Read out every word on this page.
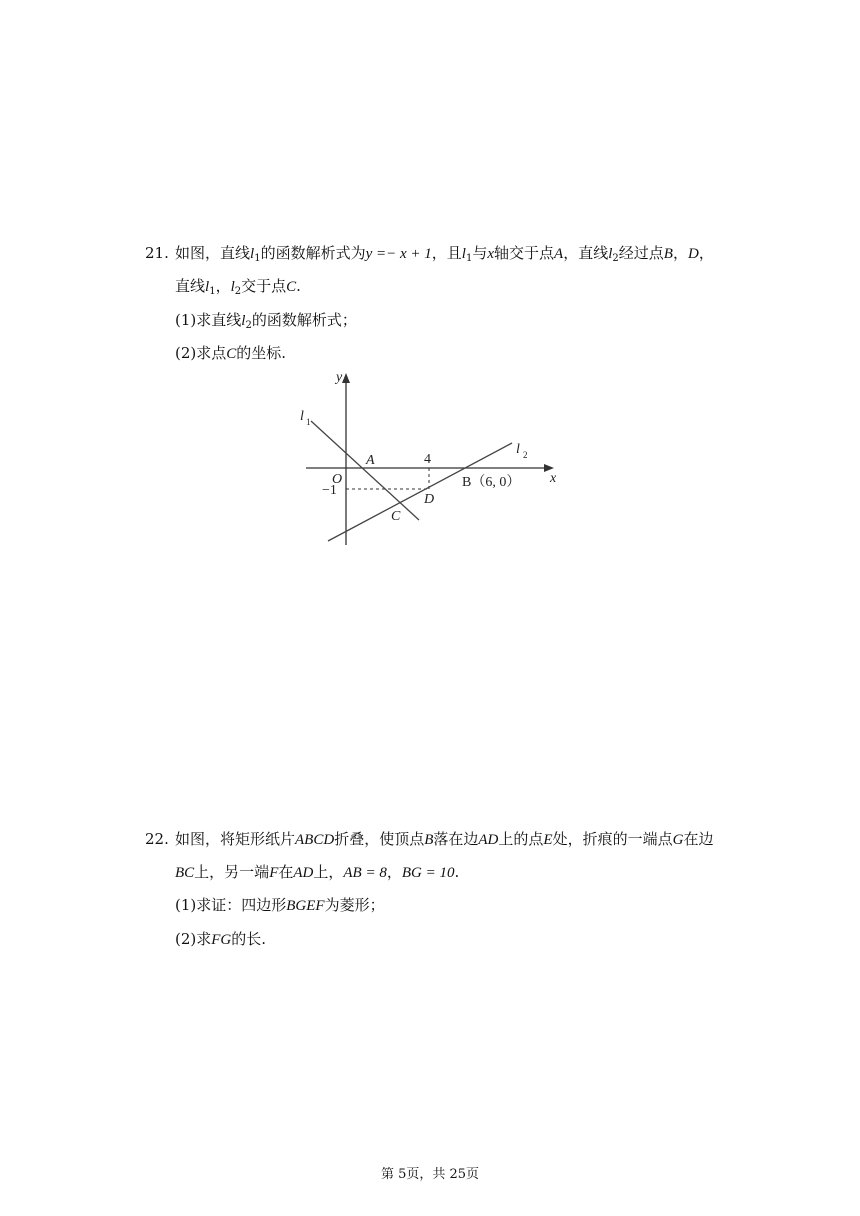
21. 如图，直线$l_1$的函数解析式为y =− x + 1，且$l_1$与x轴交于点A，直线$l_2$经过点B，D，
直线$l_1$，$l_2$交于点C.
(1)求直线$l_2$的函数解析式；
(2)求点C的坐标.
y
x
O
4
−1
A
B（6, 0）
C
D
l 1
l 2
22. 如图，将矩形纸片ABCD折叠，使顶点B落在边AD上的点E处，折痕的一端点G在边
BC上，另一端F在AD上，AB = 8，BG = 10.
(1)求证：四边形BGEF为菱形；
(2)求FG的长.
第 5页，共 25页
